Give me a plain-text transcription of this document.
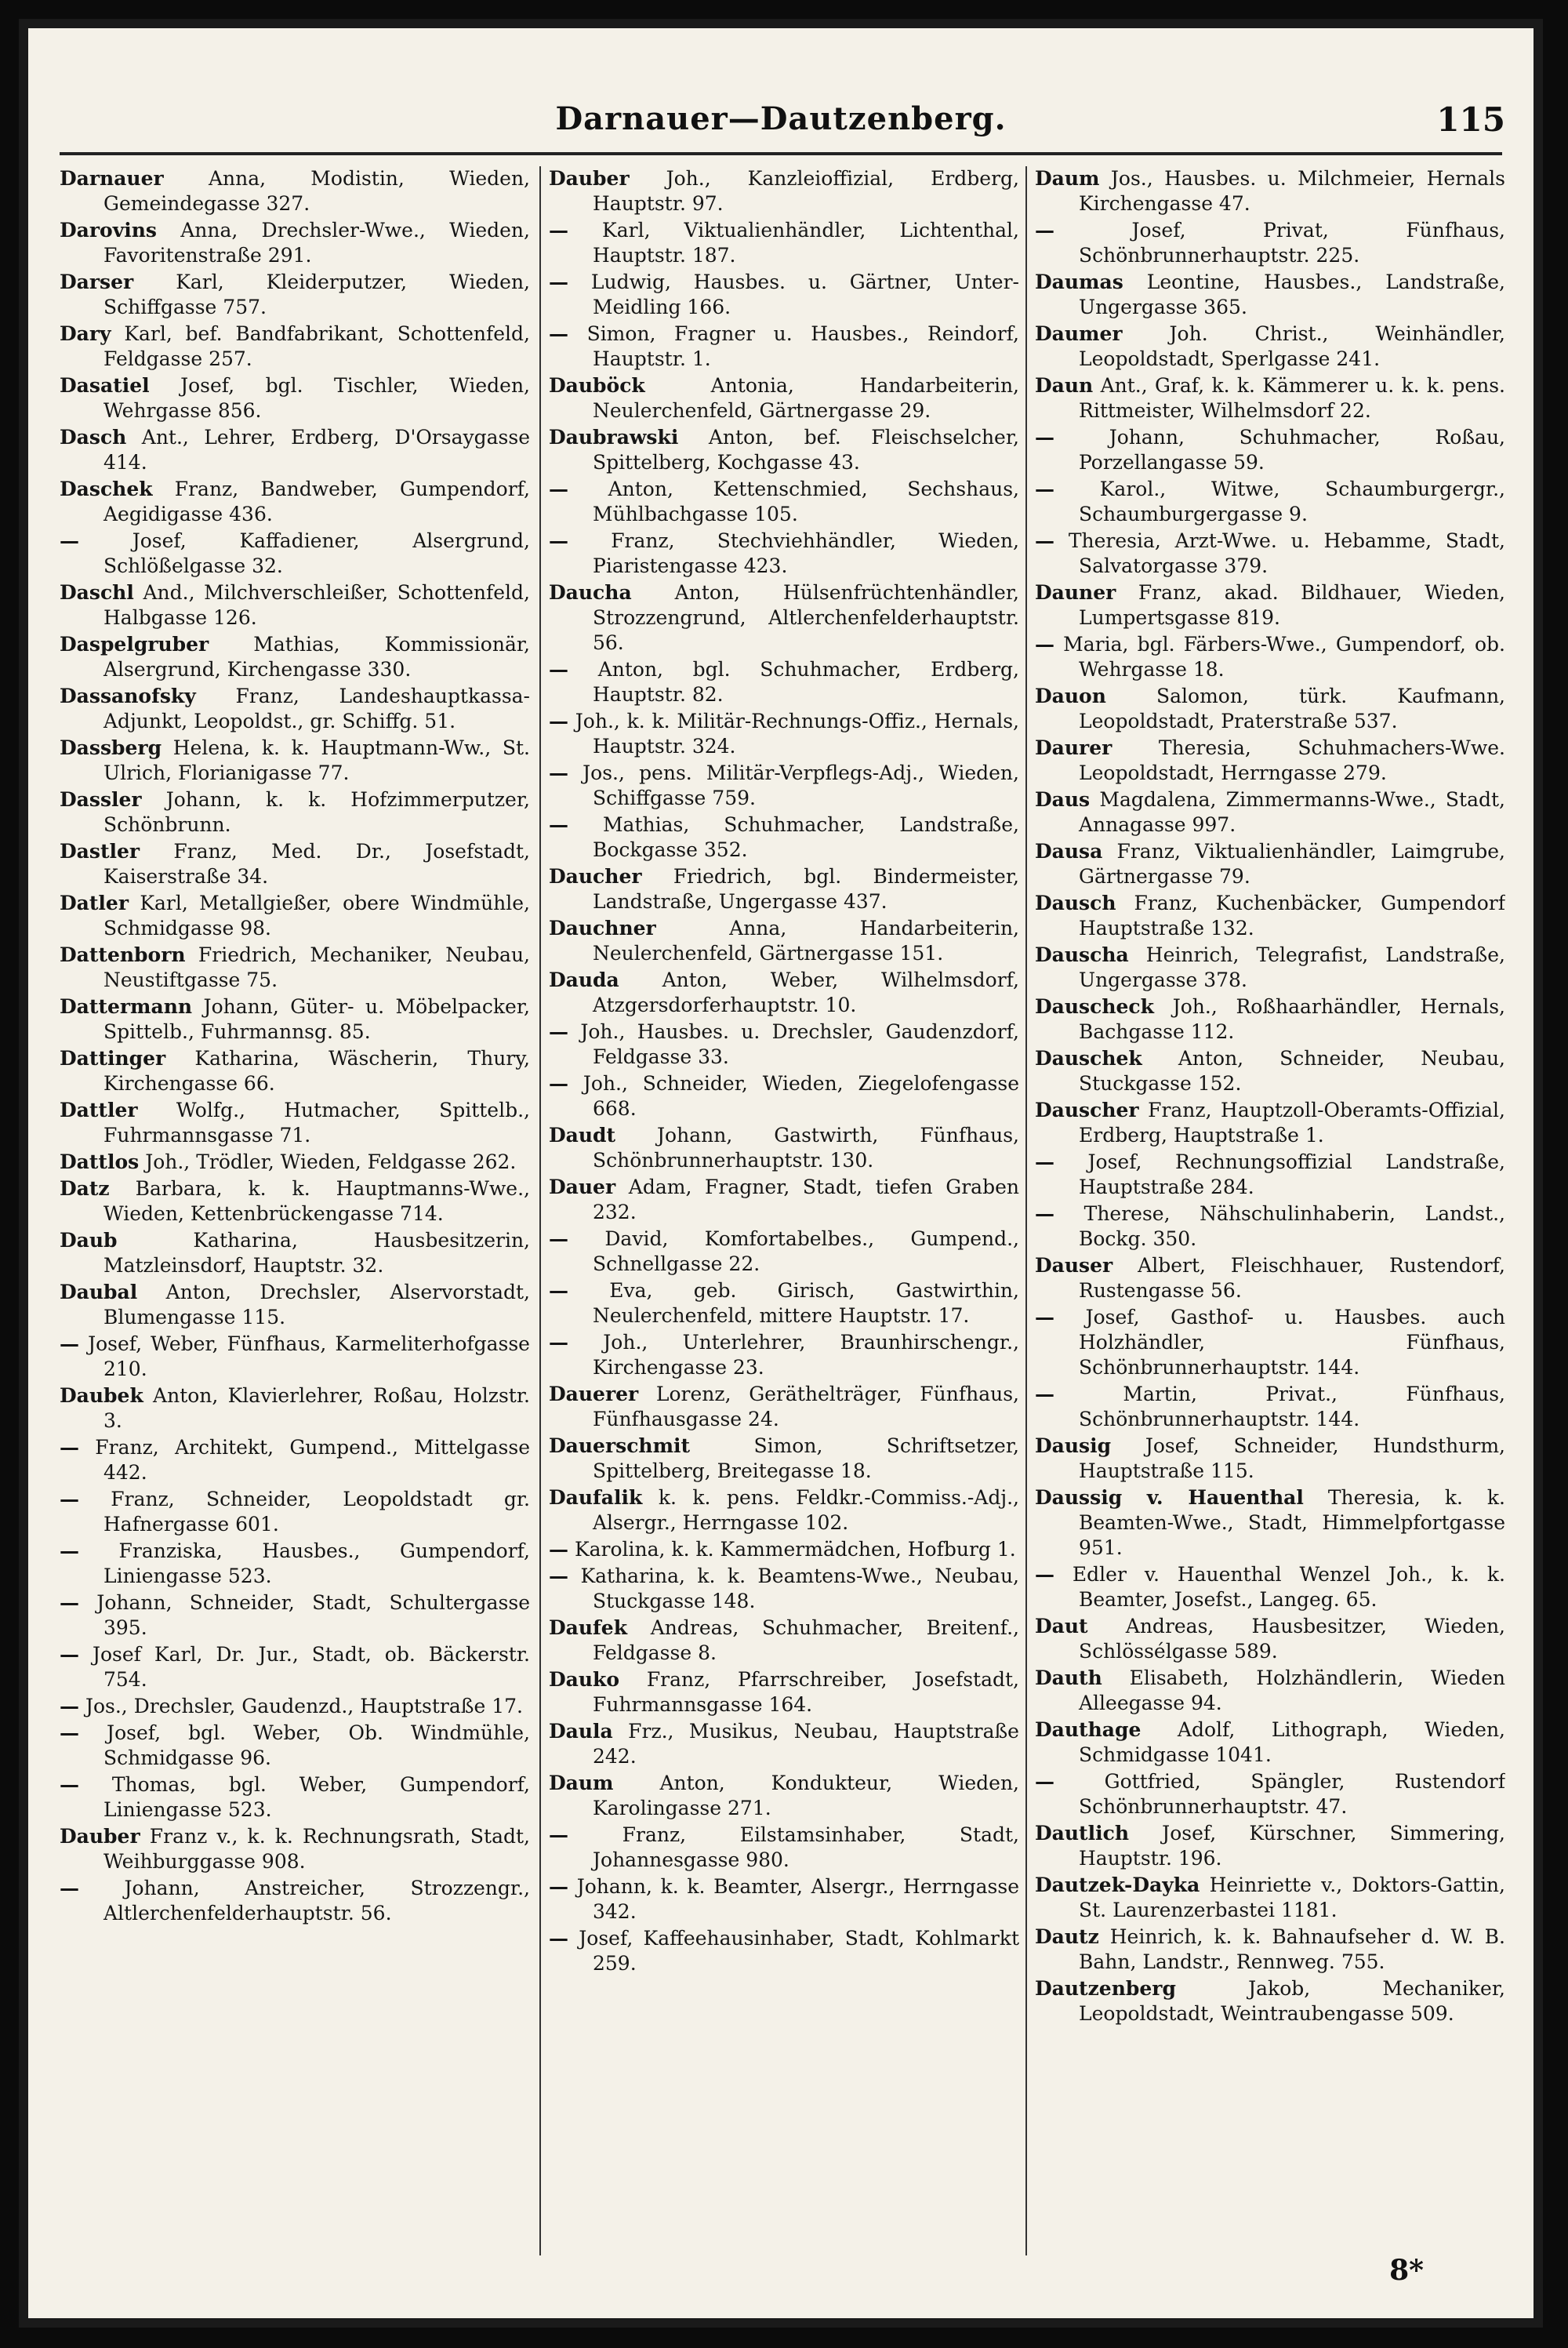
Darnauer—Dautzenberg.	115

Darnauer Anna, Modistin, Wieden, Gemeindegasse 327.

Darovins Anna, Drechsler-Wwe., Wieden, Favoritenstraße 291.

Darser Karl, Kleiderputzer, Wieden, Schiffgasse 757.

Dary Karl, bef. Bandfabrikant, Schottenfeld, Feldgasse 257.

Dasatiel Josef, bgl. Tischler, Wieden, Wehrgasse 856.

Dasch Ant., Lehrer, Erdberg, D'Orsaygasse 414.

Daschek Franz, Bandweber, Gumpendorf, Aegidigasse 436.

—	Josef, Kaffadiener, Alsergrund, Schlößelgasse 32.

Daschl And., Milchverschleißer, Schottenfeld, Halbgasse 126.

Daspelgruber Mathias, Kommissionär, Alsergrund, Kirchengasse 330.

Dassanofsky Franz, Landeshauptkassa-Adjunkt, Leopoldst., gr. Schiffg. 51.

Dassberg Helena, k. k. Hauptmann-Ww., St. Ulrich, Florianigasse 77.

Dassler Johann, k. k. Hofzimmerputzer, Schönbrunn.

Dastler Franz, Med. Dr., Josefstadt, Kaiserstraße 34.

Datler Karl, Metallgießer, obere Windmühle, Schmidgasse 98.

Dattenborn Friedrich, Mechaniker, Neubau, Neustiftgasse 75.

Dattermann Johann, Güter- u. Möbelpacker, Spittelb., Fuhrmannsg. 85.

Dattinger Katharina, Wäscherin, Thury, Kirchengasse 66.

Dattler Wolfg., Hutmacher, Spittelb., Fuhrmannsgasse 71.

Dattlos Joh., Trödler, Wieden, Feldgasse 262.

Datz Barbara, k. k. Hauptmanns-Wwe., Wieden, Kettenbrückengasse 714.

Daub	Katharina, Hausbesitzerin, Matzleinsdorf, Hauptstr. 32.

Daubal Anton, Drechsler, Alservorstadt, Blumengasse 115.

— Josef, Weber, Fünfhaus, Karmeliterhofgasse 210.

Daubek Anton, Klavierlehrer, Roßau, Holzstr. 3.

— Franz, Architekt, Gumpend., Mittelgasse 442.

— Franz, Schneider, Leopoldstadt gr. Hafnergasse 601.

— Franziska, Hausbes., Gumpendorf, Liniengasse 523.

— Johann, Schneider, Stadt, Schultergasse 395.

— Josef Karl, Dr. Jur., Stadt, ob. Bäckerstr. 754.

— Jos., Drechsler, Gaudenzd., Hauptstraße 17.

— Josef, bgl. Weber, Ob. Windmühle, Schmidgasse 96.

— Thomas, bgl. Weber, Gumpendorf, Liniengasse 523.

Dauber Franz v., k. k. Rechnungsrath, Stadt, Weihburggasse 908.

— Johann, Anstreicher, Strozzengr., Altlerchenfelderhauptstr. 56.

Dauber Joh., Kanzleioffizial, Erdberg, Hauptstr. 97.

— Karl, Viktualienhändler, Lichtenthal, Hauptstr. 187.

— Ludwig, Hausbes. u. Gärtner, Unter-Meidling 166.

— Simon, Fragner u. Hausbes., Reindorf, Hauptstr. 1.

Dauböck	Antonia, Handarbeiterin, Neulerchenfeld, Gärtnergasse 29.

Daubrawski Anton, bef. Fleischselcher, Spittelberg, Kochgasse 43.

— Anton, Kettenschmied, Sechshaus, Mühlbachgasse 105.

— Franz, Stechviehhändler, Wieden, Piaristengasse 423.

Daucha Anton, Hülsenfrüchtenhändler, Strozzengrund, Altlerchenfelderhauptstr. 56.

— Anton, bgl. Schuhmacher, Erdberg, Hauptstr. 82.

— Joh., k. k. Militär-Rechnungs-Offiz., Hernals, Hauptstr. 324.

— Jos., pens. Militär-Verpflegs-Adj., Wieden, Schiffgasse 759.

— Mathias, Schuhmacher, Landstraße, Bockgasse 352.

Daucher Friedrich, bgl. Bindermeister, Landstraße, Ungergasse 437.

Dauchner	Anna, Handarbeiterin, Neulerchenfeld, Gärtnergasse 151.

Dauda Anton, Weber, Wilhelmsdorf, Atzgersdorferhauptstr. 10.

— Joh., Hausbes. u. Drechsler, Gaudenzdorf, Feldgasse 33.

— Joh., Schneider, Wieden, Ziegelofengasse 668.

Daudt Johann, Gastwirth, Fünfhaus, Schönbrunnerhauptstr. 130.

Dauer Adam, Fragner, Stadt, tiefen Graben 232.

— David, Komfortabelbes., Gumpend., Schnellgasse 22.

— Eva, geb. Girisch, Gastwirthin, Neulerchenfeld, mittere Hauptstr. 17.

— Joh., Unterlehrer, Braunhirschengr., Kirchengasse 23.

Dauerer Lorenz, Geräthelträger, Fünfhaus, Fünfhausgasse 24.

Dauerschmit	Simon, Schriftsetzer, Spittelberg, Breitegasse 18.

Daufalik k. k. pens. Feldkr.-Commiss.-Adj., Alsergr., Herrngasse 102.

— Karolina, k. k. Kammermädchen, Hofburg 1.

— Katharina, k. k. Beamtens-Wwe., Neubau, Stuckgasse 148.

Daufek Andreas, Schuhmacher, Breitenf., Feldgasse 8.

Dauko Franz, Pfarrschreiber, Josefstadt, Fuhrmannsgasse 164.

Daula Frz., Musikus, Neubau, Hauptstraße 242.

Daum Anton, Kondukteur, Wieden, Karolingasse 271.

—	Franz, Eilstamsinhaber, Stadt, Johannesgasse 980.

— Johann, k. k. Beamter, Alsergr., Herrngasse 342.

— Josef, Kaffeehausinhaber, Stadt, Kohlmarkt 259.

Daum Jos., Hausbes. u. Milchmeier, Hernals Kirchengasse 47.

—	Josef, Privat, Fünfhaus, Schönbrunnerhauptstr. 225.

Daumas Leontine, Hausbes., Landstraße, Ungergasse 365.

Daumer Joh. Christ., Weinhändler, Leopoldstadt, Sperlgasse 241.

Daun Ant., Graf, k. k. Kämmerer u. k. k. pens. Rittmeister, Wilhelmsdorf 22.

—	Johann, Schuhmacher, Roßau, Porzellangasse 59.

— Karol., Witwe, Schaumburgergr., Schaumburgergasse 9.

— Theresia, Arzt-Wwe. u. Hebamme, Stadt, Salvatorgasse 379.

Dauner Franz, akad. Bildhauer, Wieden, Lumpertsgasse 819.

— Maria, bgl. Färbers-Wwe., Gumpendorf, ob. Wehrgasse 18.

Dauon	Salomon, türk. Kaufmann, Leopoldstadt, Praterstraße 537.

Daurer Theresia, Schuhmachers-Wwe. Leopoldstadt, Herrngasse 279.

Daus Magdalena, Zimmermanns-Wwe., Stadt, Annagasse 997.

Dausa Franz, Viktualienhändler, Laimgrube, Gärtnergasse 79.

Dausch Franz, Kuchenbäcker, Gumpendorf Hauptstraße 132.

Dauscha Heinrich, Telegrafist, Landstraße, Ungergasse 378.

Dauscheck Joh., Roßhaarhändler, Hernals, Bachgasse 112.

Dauschek Anton, Schneider, Neubau, Stuckgasse 152.

Dauscher Franz, Hauptzoll-Oberamts-Offizial, Erdberg, Hauptstraße 1.

— Josef, Rechnungsoffizial Landstraße, Hauptstraße 284.

— Therese, Nähschulinhaberin, Landst., Bockg. 350.

Dauser Albert, Fleischhauer, Rustendorf, Rustengasse 56.

— Josef, Gasthof- u. Hausbes. auch Holzhändler, Fünfhaus, Schönbrunnerhauptstr. 144.

—	Martin, Privat., Fünfhaus, Schönbrunnerhauptstr. 144.

Dausig Josef, Schneider, Hundsthurm, Hauptstraße 115.

Daussig v. Hauenthal Theresia, k. k. Beamten-Wwe., Stadt, Himmelpfortgasse 951.

— Edler v. Hauenthal Wenzel Joh., k. k. Beamter, Josefst., Langeg. 65.

Daut Andreas, Hausbesitzer, Wieden, Schlössélgasse 589.

Dauth Elisabeth, Holzhändlerin, Wieden Alleegasse 94.

Dauthage Adolf, Lithograph, Wieden, Schmidgasse 1041.

—	Gottfried, Spängler, Rustendorf Schönbrunnerhauptstr. 47.

Dautlich Josef, Kürschner, Simmering, Hauptstr. 196.

Dautzek-Dayka Heinriette v., Doktors-Gattin, St. Laurenzerbastei 1181.

Dautz Heinrich, k. k. Bahnaufseher d. W. B. Bahn, Landstr., Rennweg. 755.

Dautzenberg	Jakob, Mechaniker, Leopoldstadt, Weintraubengasse 509.

8*
